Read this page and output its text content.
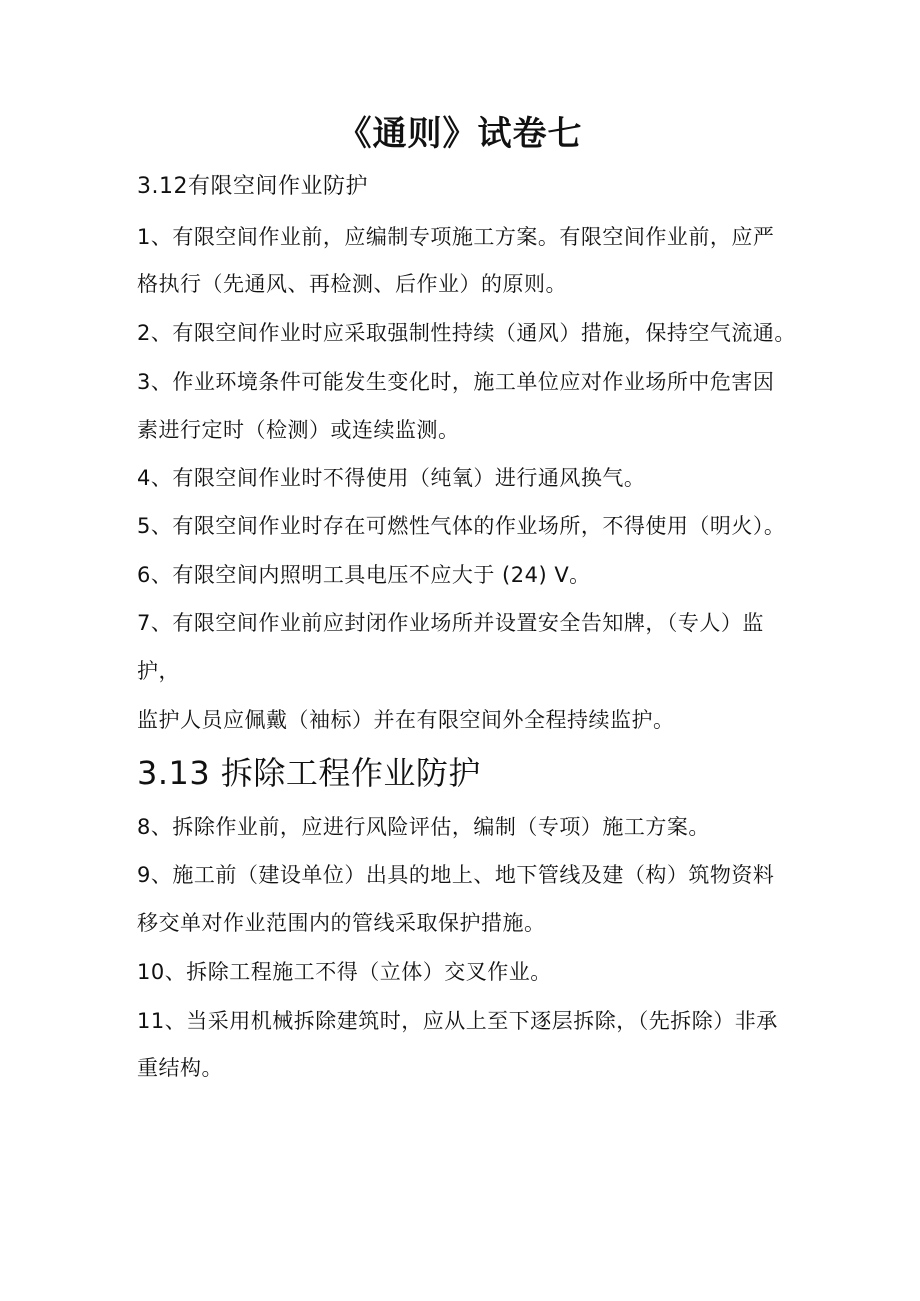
《通则》试卷七
3.12有限空间作业防护
1、有限空间作业前，应编制专项施工方案。有限空间作业前，应严
格执行（先通风、再检测、后作业）的原则。
2、有限空间作业时应采取强制性持续（通风）措施，保持空气流通。
3、作业环境条件可能发生变化时，施工单位应对作业场所中危害因
素进行定时（检测）或连续监测。
4、有限空间作业时不得使用（纯氧）进行通风换气。
5、有限空间作业时存在可燃性气体的作业场所，不得使用（明火）。
6、有限空间内照明工具电压不应大于 (24) V。
7、有限空间作业前应封闭作业场所并设置安全告知牌，（专人）监
护，
监护人员应佩戴（袖标）并在有限空间外全程持续监护。
3.13 拆除工程作业防护
8、拆除作业前，应进行风险评估，编制（专项）施工方案。
9、施工前（建设单位）出具的地上、地下管线及建（构）筑物资料
移交单对作业范围内的管线采取保护措施。
10、拆除工程施工不得（立体）交叉作业。
11、当采用机械拆除建筑时，应从上至下逐层拆除，（先拆除）非承
重结构。
